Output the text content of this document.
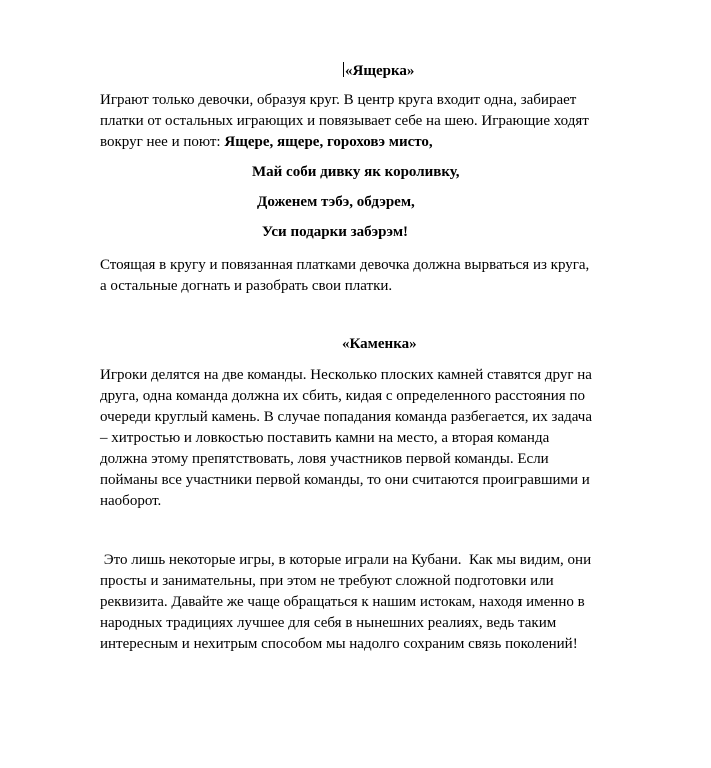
«Ящерка»
Играют только девочки, образуя круг. В центр круга входит одна, забирает
платки от остальных играющих и повязывает себе на шею. Играющие ходят
вокруг нее и поют: Ящере, ящере, гороховэ мисто,
Май соби дивку як короливку,
Доженем тэбэ, обдэрем,
Уси подарки забэрэм!
Стоящая в кругу и повязанная платками девочка должна вырваться из круга,
а остальные догнать и разобрать свои платки.
«Каменка»
Игроки делятся на две команды. Несколько плоских камней ставятся друг на
друга, одна команда должна их сбить, кидая с определенного расстояния по
очереди круглый камень. В случае попадания команда разбегается, их задача
– хитростью и ловкостью поставить камни на место, а вторая команда
должна этому препятствовать, ловя участников первой команды. Если
пойманы все участники первой команды, то они считаются проигравшими и
наоборот.
Это лишь некоторые игры, в которые играли на Кубани.  Как мы видим, они
просты и занимательны, при этом не требуют сложной подготовки или
реквизита. Давайте же чаще обращаться к нашим истокам, находя именно в
народных традициях лучшее для себя в нынешних реалиях, ведь таким
интересным и нехитрым способом мы надолго сохраним связь поколений!
